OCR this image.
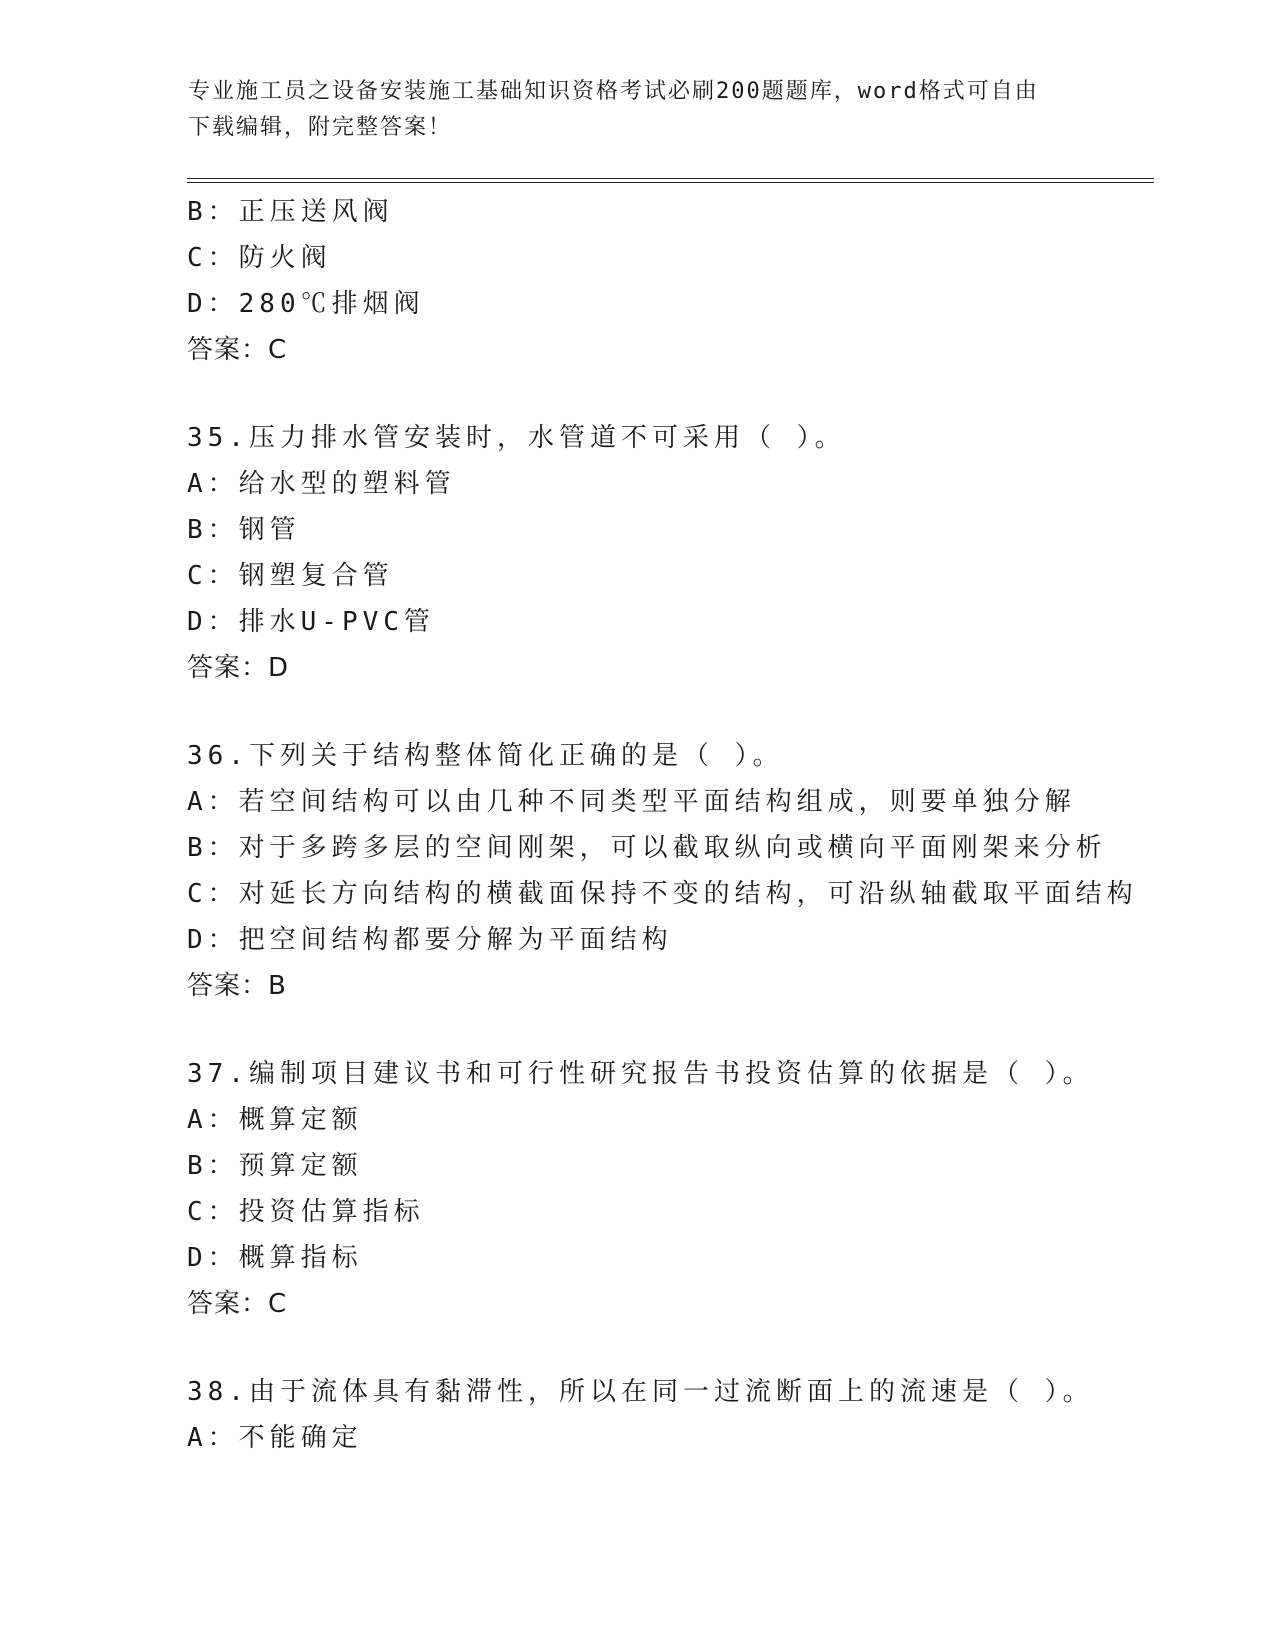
专业施工员之设备安装施工基础知识资格考试必刷200题题库，word格式可自由
下载编辑，附完整答案！
B：正压送风阀
C：防火阀
D：280℃排烟阀
答案：C
35.压力排水管安装时，水管道不可采用（ ）。
A：给水型的塑料管
B：钢管
C：钢塑复合管
D：排水U-PVC管
答案：D
36.下列关于结构整体简化正确的是（ ）。
A：若空间结构可以由几种不同类型平面结构组成，则要单独分解
B：对于多跨多层的空间刚架，可以截取纵向或横向平面刚架来分析
C：对延长方向结构的横截面保持不变的结构，可沿纵轴截取平面结构
D：把空间结构都要分解为平面结构
答案：B
37.编制项目建议书和可行性研究报告书投资估算的依据是（ ）。
A：概算定额
B：预算定额
C：投资估算指标
D：概算指标
答案：C
38.由于流体具有黏滞性，所以在同一过流断面上的流速是（ ）。
A：不能确定
